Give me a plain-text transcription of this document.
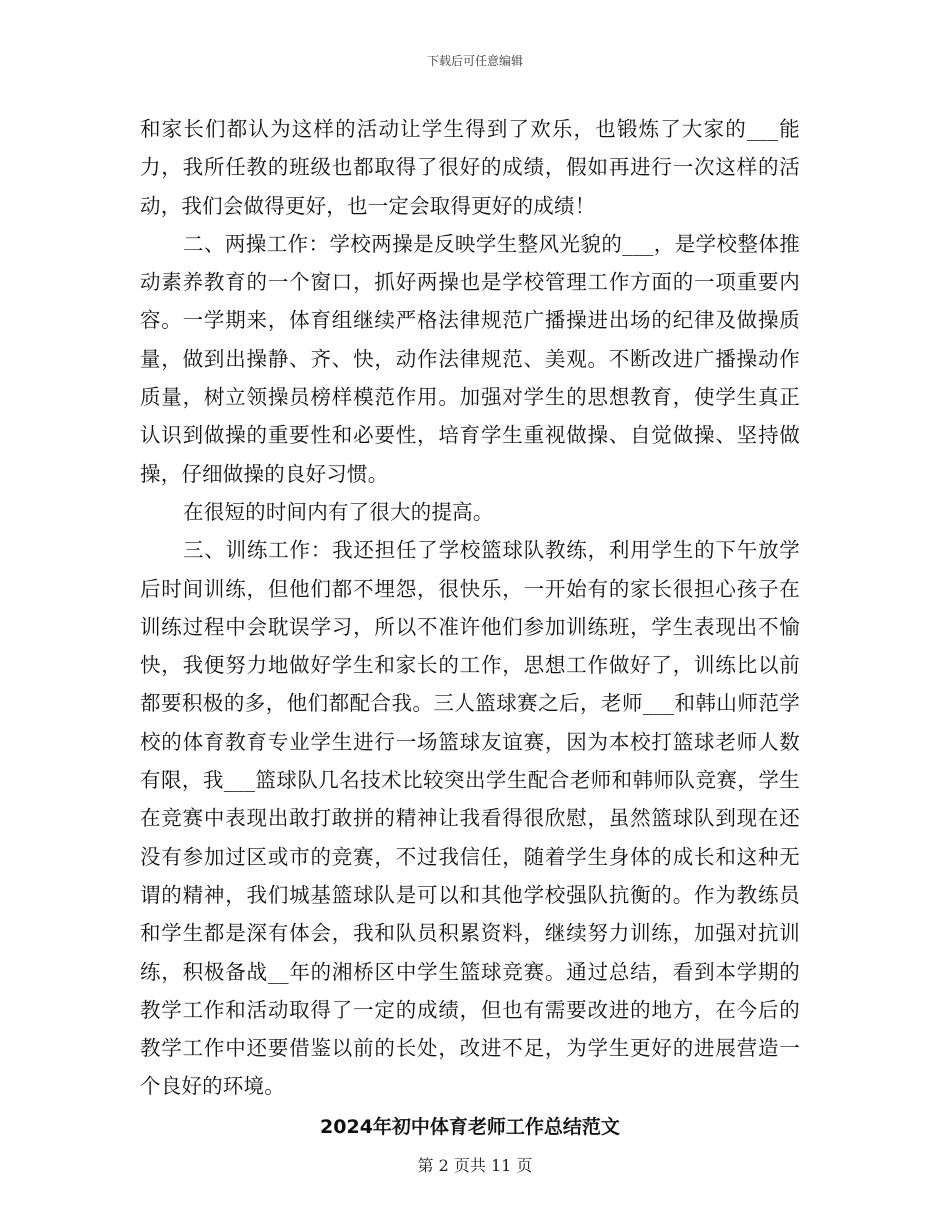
下载后可任意编辑

和家长们都认为这样的活动让学生得到了欢乐，也锻炼了大家的___能力，我所任教的班级也都取得了很好的成绩，假如再进行一次这样的活动，我们会做得更好，也一定会取得更好的成绩！

二、两操工作：学校两操是反映学生整风光貌的___，是学校整体推动素养教育的一个窗口，抓好两操也是学校管理工作方面的一项重要内容。一学期来，体育组继续严格法律规范广播操进出场的纪律及做操质量，做到出操静、齐、快，动作法律规范、美观。不断改进广播操动作质量，树立领操员榜样模范作用。加强对学生的思想教育，使学生真正认识到做操的重要性和必要性，培育学生重视做操、自觉做操、坚持做操，仔细做操的良好习惯。

在很短的时间内有了很大的提高。

三、训练工作：我还担任了学校篮球队教练，利用学生的下午放学后时间训练，但他们都不埋怨，很快乐，一开始有的家长很担心孩子在训练过程中会耽误学习，所以不准许他们参加训练班，学生表现出不愉快，我便努力地做好学生和家长的工作，思想工作做好了，训练比以前都要积极的多，他们都配合我。三人篮球赛之后，老师___和韩山师范学校的体育教育专业学生进行一场篮球友谊赛，因为本校打篮球老师人数有限，我___篮球队几名技术比较突出学生配合老师和韩师队竞赛，学生在竞赛中表现出敢打敢拼的精神让我看得很欣慰，虽然篮球队到现在还没有参加过区或市的竞赛，不过我信任，随着学生身体的成长和这种无谓的精神，我们城基篮球队是可以和其他学校强队抗衡的。作为教练员和学生都是深有体会，我和队员积累资料，继续努力训练，加强对抗训练，积极备战__年的湘桥区中学生篮球竞赛。通过总结，看到本学期的教学工作和活动取得了一定的成绩，但也有需要改进的地方，在今后的教学工作中还要借鉴以前的长处，改进不足，为学生更好的进展营造一个良好的环境。

2024年初中体育老师工作总结范文
第 2 页共 11 页
